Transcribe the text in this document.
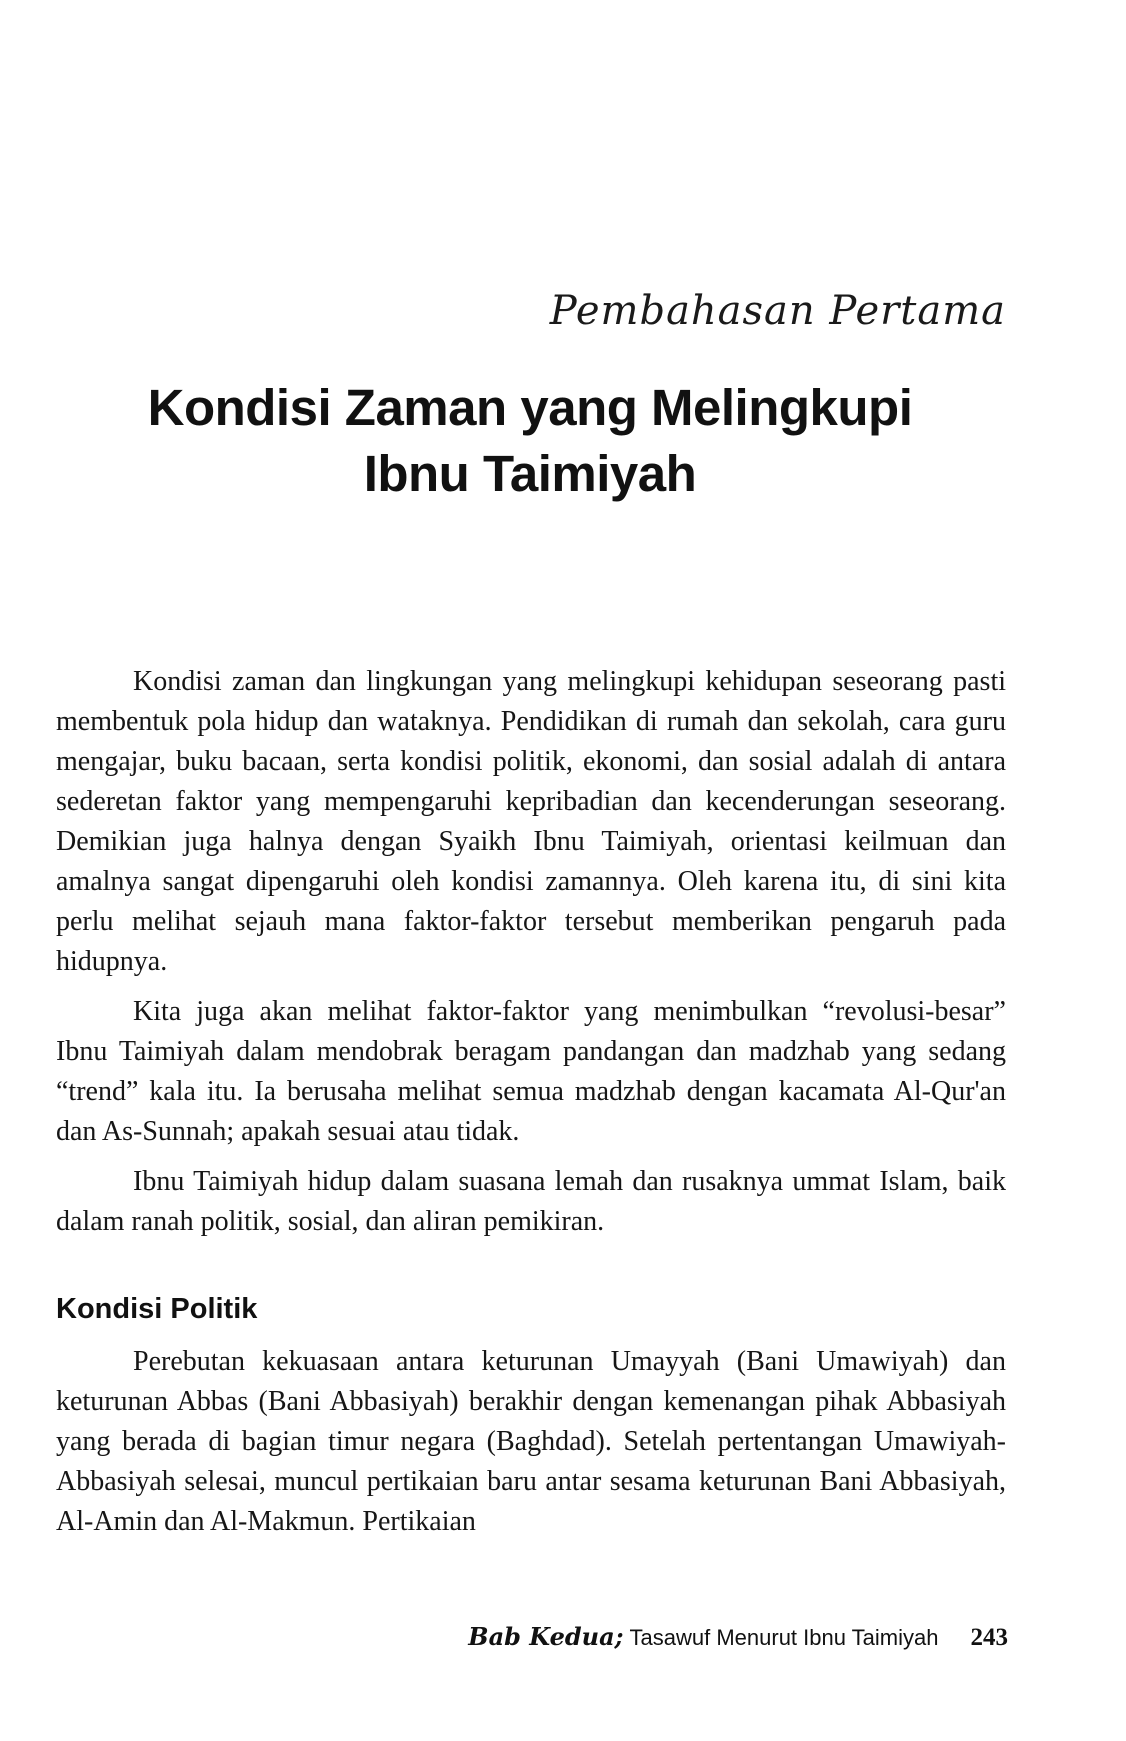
Pembahasan Pertama
Kondisi Zaman yang Melingkupi Ibnu Taimiyah

Kondisi zaman dan lingkungan yang melingkupi kehidupan seseorang pasti membentuk pola hidup dan wataknya. Pendidikan di rumah dan sekolah, cara guru mengajar, buku bacaan, serta kondisi politik, ekonomi, dan sosial adalah di antara sederetan faktor yang mempengaruhi kepribadian dan kecenderungan seseorang. Demikian juga halnya dengan Syaikh Ibnu Taimiyah, orientasi keilmuan dan amalnya sangat dipengaruhi oleh kondisi zamannya. Oleh karena itu, di sini kita perlu melihat sejauh mana faktor-faktor tersebut memberikan pengaruh pada hidupnya.

Kita juga akan melihat faktor-faktor yang menimbulkan “revolusi-besar” Ibnu Taimiyah dalam mendobrak beragam pandangan dan madzhab yang sedang “trend” kala itu. Ia berusaha melihat semua madzhab dengan kacamata Al-Qur'an dan As-Sunnah; apakah sesuai atau tidak.

Ibnu Taimiyah hidup dalam suasana lemah dan rusaknya ummat Islam, baik dalam ranah politik, sosial, dan aliran pemikiran.

Kondisi Politik

Perebutan kekuasaan antara keturunan Umayyah (Bani Umawiyah) dan keturunan Abbas (Bani Abbasiyah) berakhir dengan kemenangan pihak Abbasiyah yang berada di bagian timur negara (Baghdad). Setelah pertentangan Umawiyah-Abbasiyah selesai, muncul pertikaian baru antar sesama keturunan Bani Abbasiyah, Al-Amin dan Al-Makmun. Pertikaian

Bab Kedua; Tasawuf Menurut Ibnu Taimiyah 243
